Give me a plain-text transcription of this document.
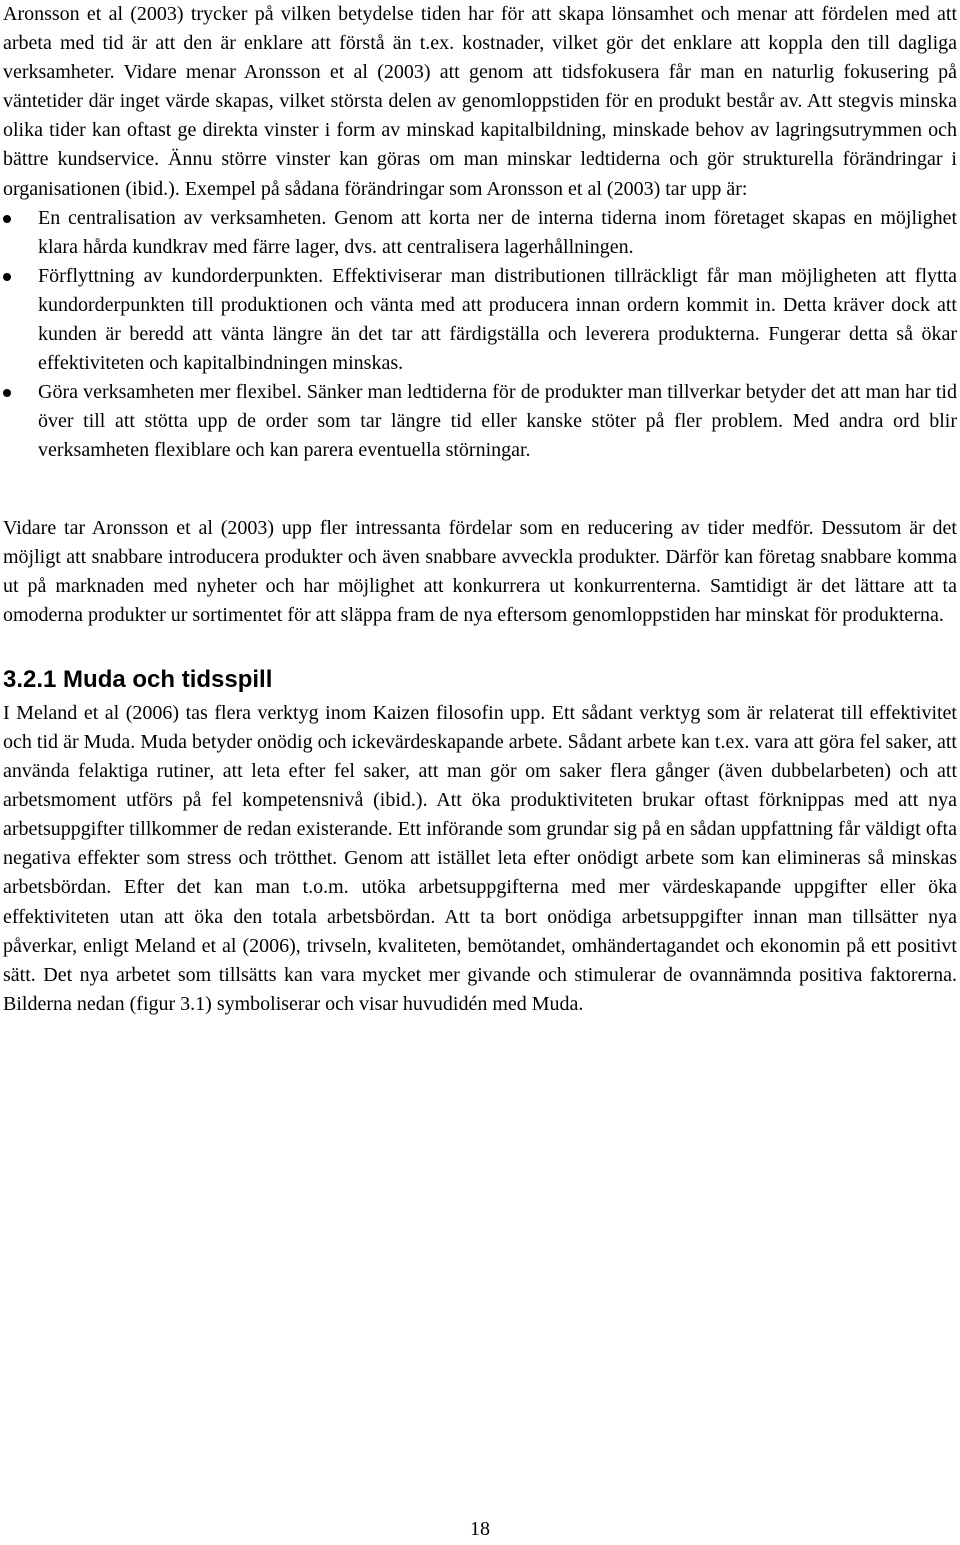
Aronsson et al (2003) trycker på vilken betydelse tiden har för att skapa lönsamhet och menar att fördelen med att arbeta med tid är att den är enklare att förstå än t.ex. kostnader, vilket gör det enklare att koppla den till dagliga verksamheter. Vidare menar Aronsson et al (2003) att genom att tidsfokusera får man en naturlig fokusering på väntetider där inget värde skapas, vilket största delen av genomloppstiden för en produkt består av. Att stegvis minska olika tider kan oftast ge direkta vinster i form av minskad kapitalbildning, minskade behov av lagringsutrymmen och bättre kundservice. Ännu större vinster kan göras om man minskar ledtiderna och gör strukturella förändringar i organisationen (ibid.). Exempel på sådana förändringar som Aronsson et al (2003) tar upp är:

En centralisation av verksamheten. Genom att korta ner de interna tiderna inom företaget skapas en möjlighet klara hårda kundkrav med färre lager, dvs. att centralisera lagerhållningen.
Förflyttning av kundorderpunkten. Effektiviserar man distributionen tillräckligt får man möjligheten att flytta kundorderpunkten till produktionen och vänta med att producera innan ordern kommit in. Detta kräver dock att kunden är beredd att vänta längre än det tar att färdigställa och leverera produkterna. Fungerar detta så ökar effektiviteten och kapitalbindningen minskas.
Göra verksamheten mer flexibel. Sänker man ledtiderna för de produkter man tillverkar betyder det att man har tid över till att stötta upp de order som tar längre tid eller kanske stöter på fler problem. Med andra ord blir verksamheten flexiblare och kan parera eventuella störningar.

Vidare tar Aronsson et al (2003) upp fler intressanta fördelar som en reducering av tider medför. Dessutom är det möjligt att snabbare introducera produkter och även snabbare avveckla produkter. Därför kan företag snabbare komma ut på marknaden med nyheter och har möjlighet att konkurrera ut konkurrenterna. Samtidigt är det lättare att ta omoderna produkter ur sortimentet för att släppa fram de nya eftersom genomloppstiden har minskat för produkterna.

3.2.1 Muda och tidsspill

I Meland et al (2006) tas flera verktyg inom Kaizen filosofin upp. Ett sådant verktyg som är relaterat till effektivitet och tid är Muda. Muda betyder onödig och ickevärdeskapande arbete. Sådant arbete kan t.ex. vara att göra fel saker, att använda felaktiga rutiner, att leta efter fel saker, att man gör om saker flera gånger (även dubbelarbeten) och att arbetsmoment utförs på fel kompetensnivå (ibid.). Att öka produktiviteten brukar oftast förknippas med att nya arbetsuppgifter tillkommer de redan existerande. Ett införande som grundar sig på en sådan uppfattning får väldigt ofta negativa effekter som stress och trötthet. Genom att istället leta efter onödigt arbete som kan elimineras så minskas arbetsbördan. Efter det kan man t.o.m. utöka arbetsuppgifterna med mer värdeskapande uppgifter eller öka effektiviteten utan att öka den totala arbetsbördan. Att ta bort onödiga arbetsuppgifter innan man tillsätter nya påverkar, enligt Meland et al (2006), trivseln, kvaliteten, bemötandet, omhändertagandet och ekonomin på ett positivt sätt. Det nya arbetet som tillsätts kan vara mycket mer givande och stimulerar de ovannämnda positiva faktorerna. Bilderna nedan (figur 3.1) symboliserar och visar huvudidén med Muda.

18
